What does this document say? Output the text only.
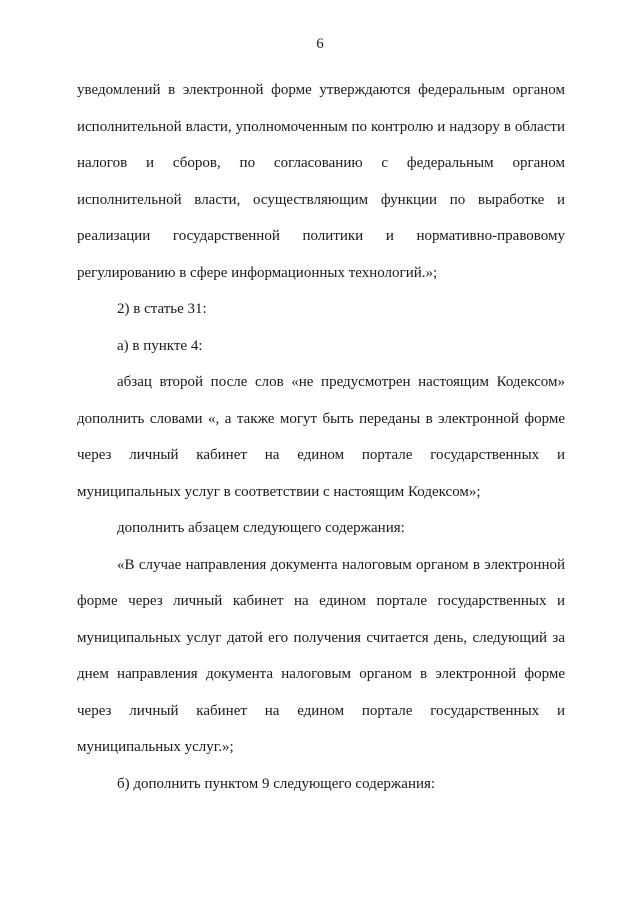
6

уведомлений в электронной форме утверждаются федеральным органом исполнительной власти, уполномоченным по контролю и надзору в области налогов и сборов, по согласованию с федеральным органом исполнительной власти, осуществляющим функции по выработке и реализации государственной политики и нормативно-правовому регулированию в сфере информационных технологий.»;

2) в статье 31:

а) в пункте 4:

абзац второй после слов «не предусмотрен настоящим Кодексом» дополнить словами «, а также могут быть переданы в электронной форме через личный кабинет на едином портале государственных и муниципальных услуг в соответствии с настоящим Кодексом»;

дополнить абзацем следующего содержания:

«В случае направления документа налоговым органом в электронной форме через личный кабинет на едином портале государственных и муниципальных услуг датой его получения считается день, следующий за днем направления документа налоговым органом в электронной форме через личный кабинет на едином портале государственных и муниципальных услуг.»;

б) дополнить пунктом 9 следующего содержания:
